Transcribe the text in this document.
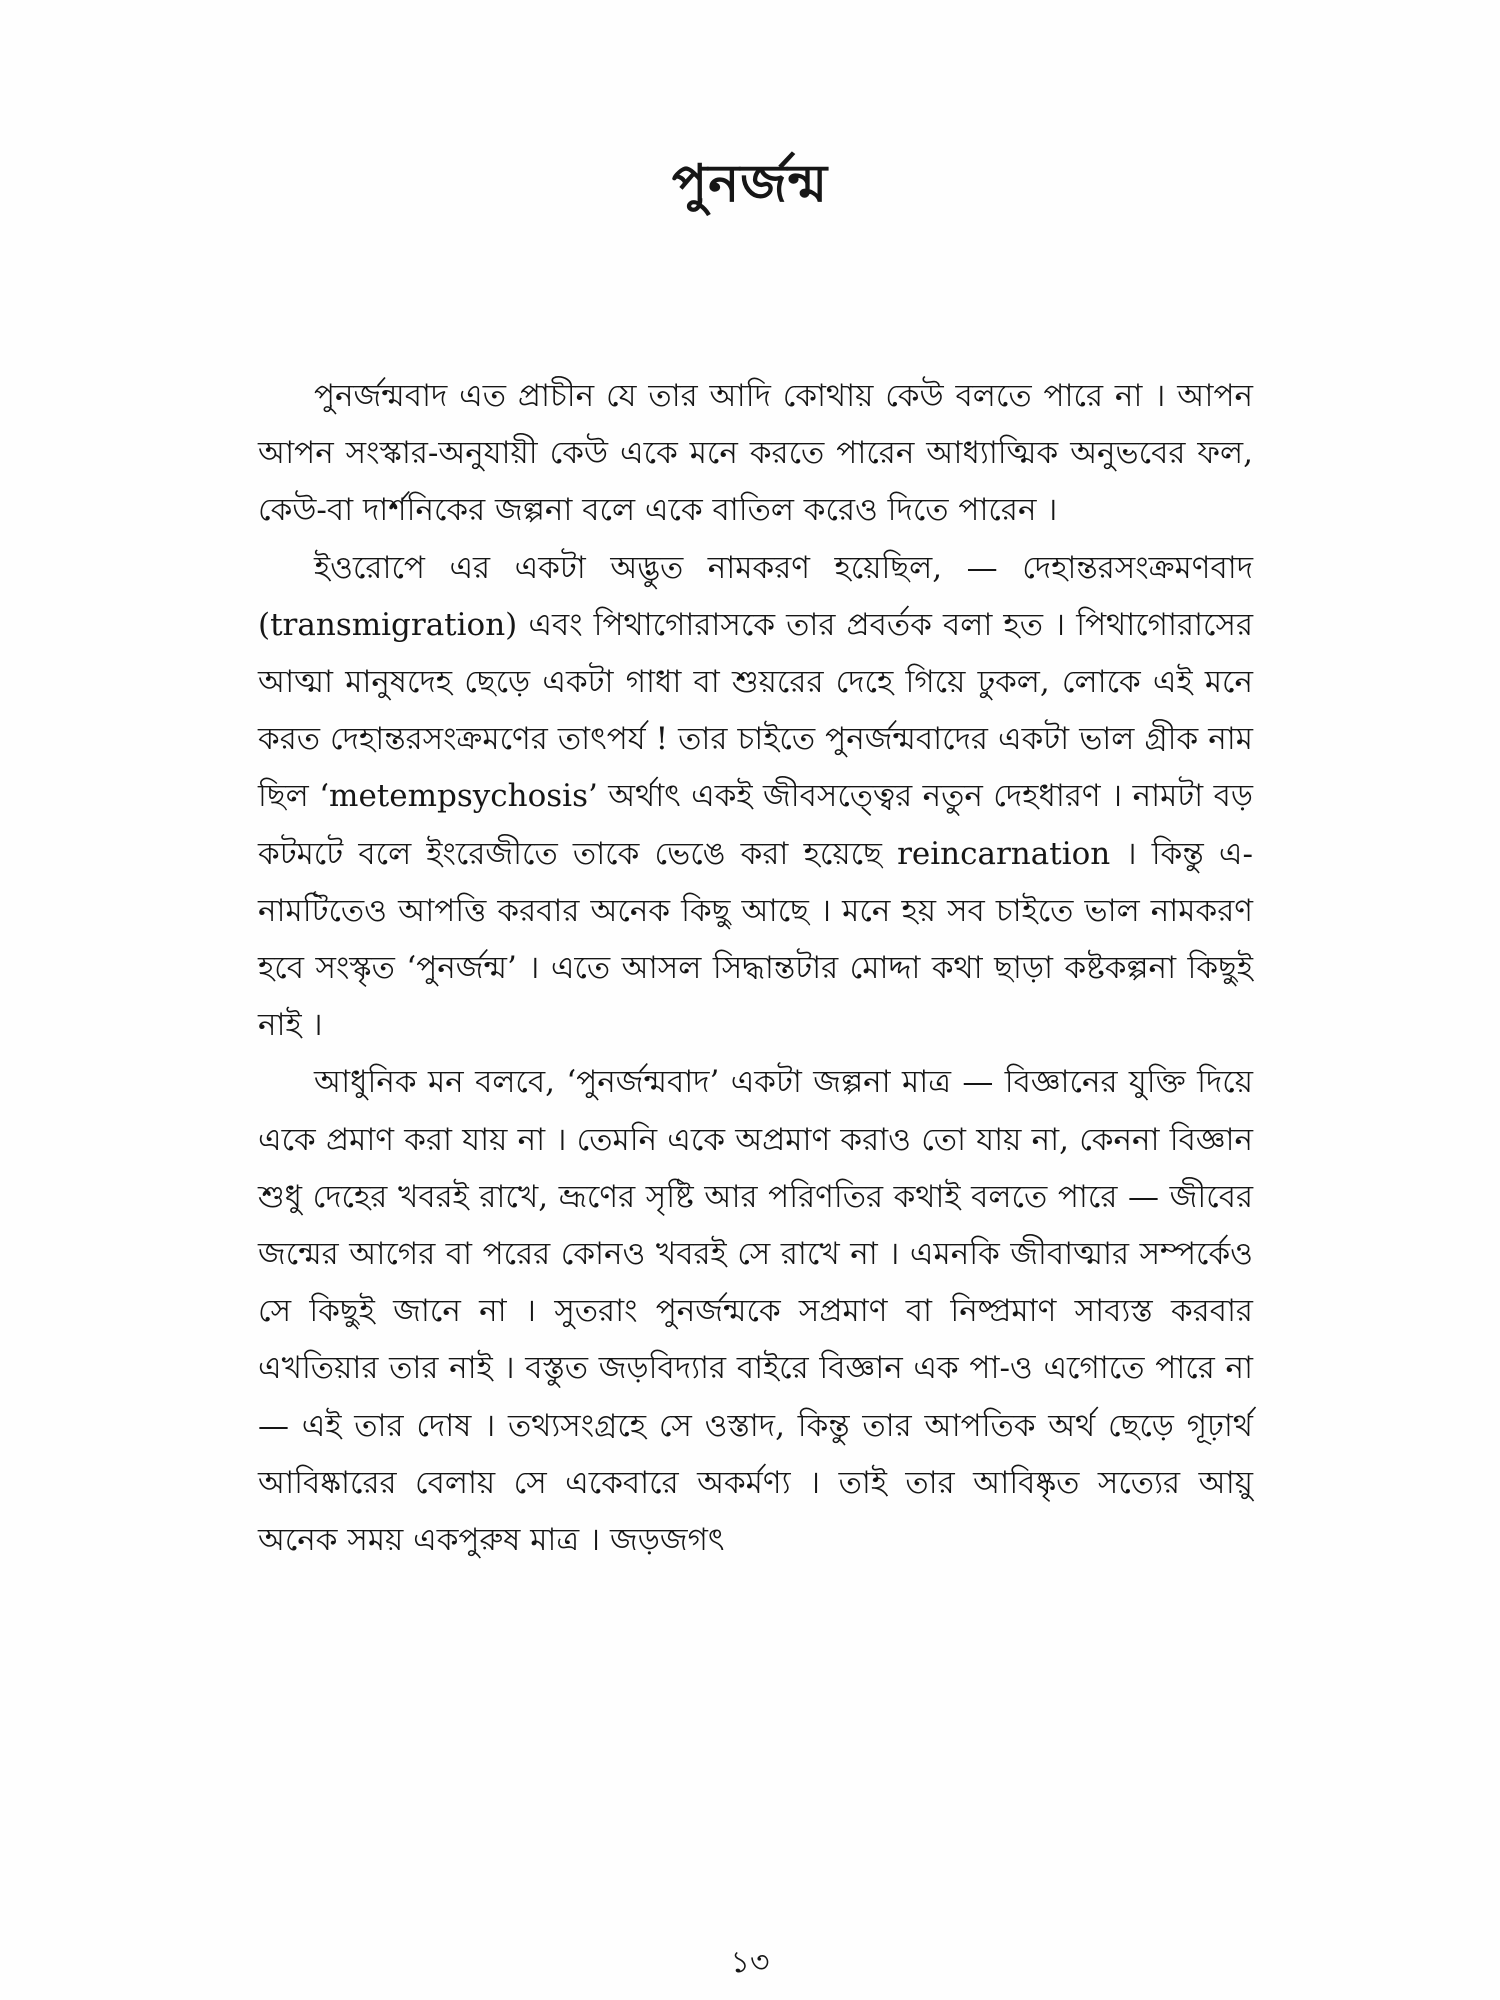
পুনর্জন্ম

পুনর্জন্মবাদ এত প্রাচীন যে তার আদি কোথায় কেউ বলতে পারে না । আপন আপন সংস্কার-অনুযায়ী কেউ একে মনে করতে পারেন আধ্যাত্মিক অনুভবের ফল, কেউ-বা দার্শনিকের জল্পনা বলে একে বাতিল করেও দিতে পারেন ।

ইওরোপে এর একটা অদ্ভুত নামকরণ হয়েছিল, — দেহান্তরসংক্রমণবাদ (transmigration) এবং পিথাগোরাসকে তার প্রবর্তক বলা হত । পিথাগোরাসের আত্মা মানুষদেহ ছেড়ে একটা গাধা বা শুয়রের দেহে গিয়ে ঢুকল, লোকে এই মনে করত দেহান্তরসংক্রমণের তাৎপর্য ! তার চাইতে পুনর্জন্মবাদের একটা ভাল গ্রীক নাম ছিল ‘metempsychosis’ অর্থাৎ একই জীবসত্ত্বের নতুন দেহধারণ । নামটা বড় কটমটে বলে ইংরেজীতে তাকে ভেঙে করা হয়েছে reincarnation । কিন্তু এ-নামটিতেও আপত্তি করবার অনেক কিছু আছে । মনে হয় সব চাইতে ভাল নামকরণ হবে সংস্কৃত ‘পুনর্জন্ম’ । এতে আসল সিদ্ধান্তটার মোদ্দা কথা ছাড়া কষ্টকল্পনা কিছুই নাই ।

আধুনিক মন বলবে, ‘পুনর্জন্মবাদ’ একটা জল্পনা মাত্র — বিজ্ঞানের যুক্তি দিয়ে একে প্রমাণ করা যায় না । তেমনি একে অপ্রমাণ করাও তো যায় না, কেননা বিজ্ঞান শুধু দেহের খবরই রাখে, ভ্রূণের সৃষ্টি আর পরিণতির কথাই বলতে পারে — জীবের জন্মের আগের বা পরের কোনও খবরই সে রাখে না । এমনকি জীবাত্মার সম্পর্কেও সে কিছুই জানে না । সুতরাং পুনর্জন্মকে সপ্রমাণ বা নিষ্প্রমাণ সাব্যস্ত করবার এখতিয়ার তার নাই । বস্তুত জড়বিদ্যার বাইরে বিজ্ঞান এক পা-ও এগোতে পারে না — এই তার দোষ । তথ্যসংগ্রহে সে ওস্তাদ, কিন্তু তার আপতিক অর্থ ছেড়ে গূঢ়ার্থ আবিষ্কারের বেলায় সে একেবারে অকর্মণ্য । তাই তার আবিষ্কৃত সত্যের আয়ু অনেক সময় একপুরুষ মাত্র । জড়জগৎ

১৩
